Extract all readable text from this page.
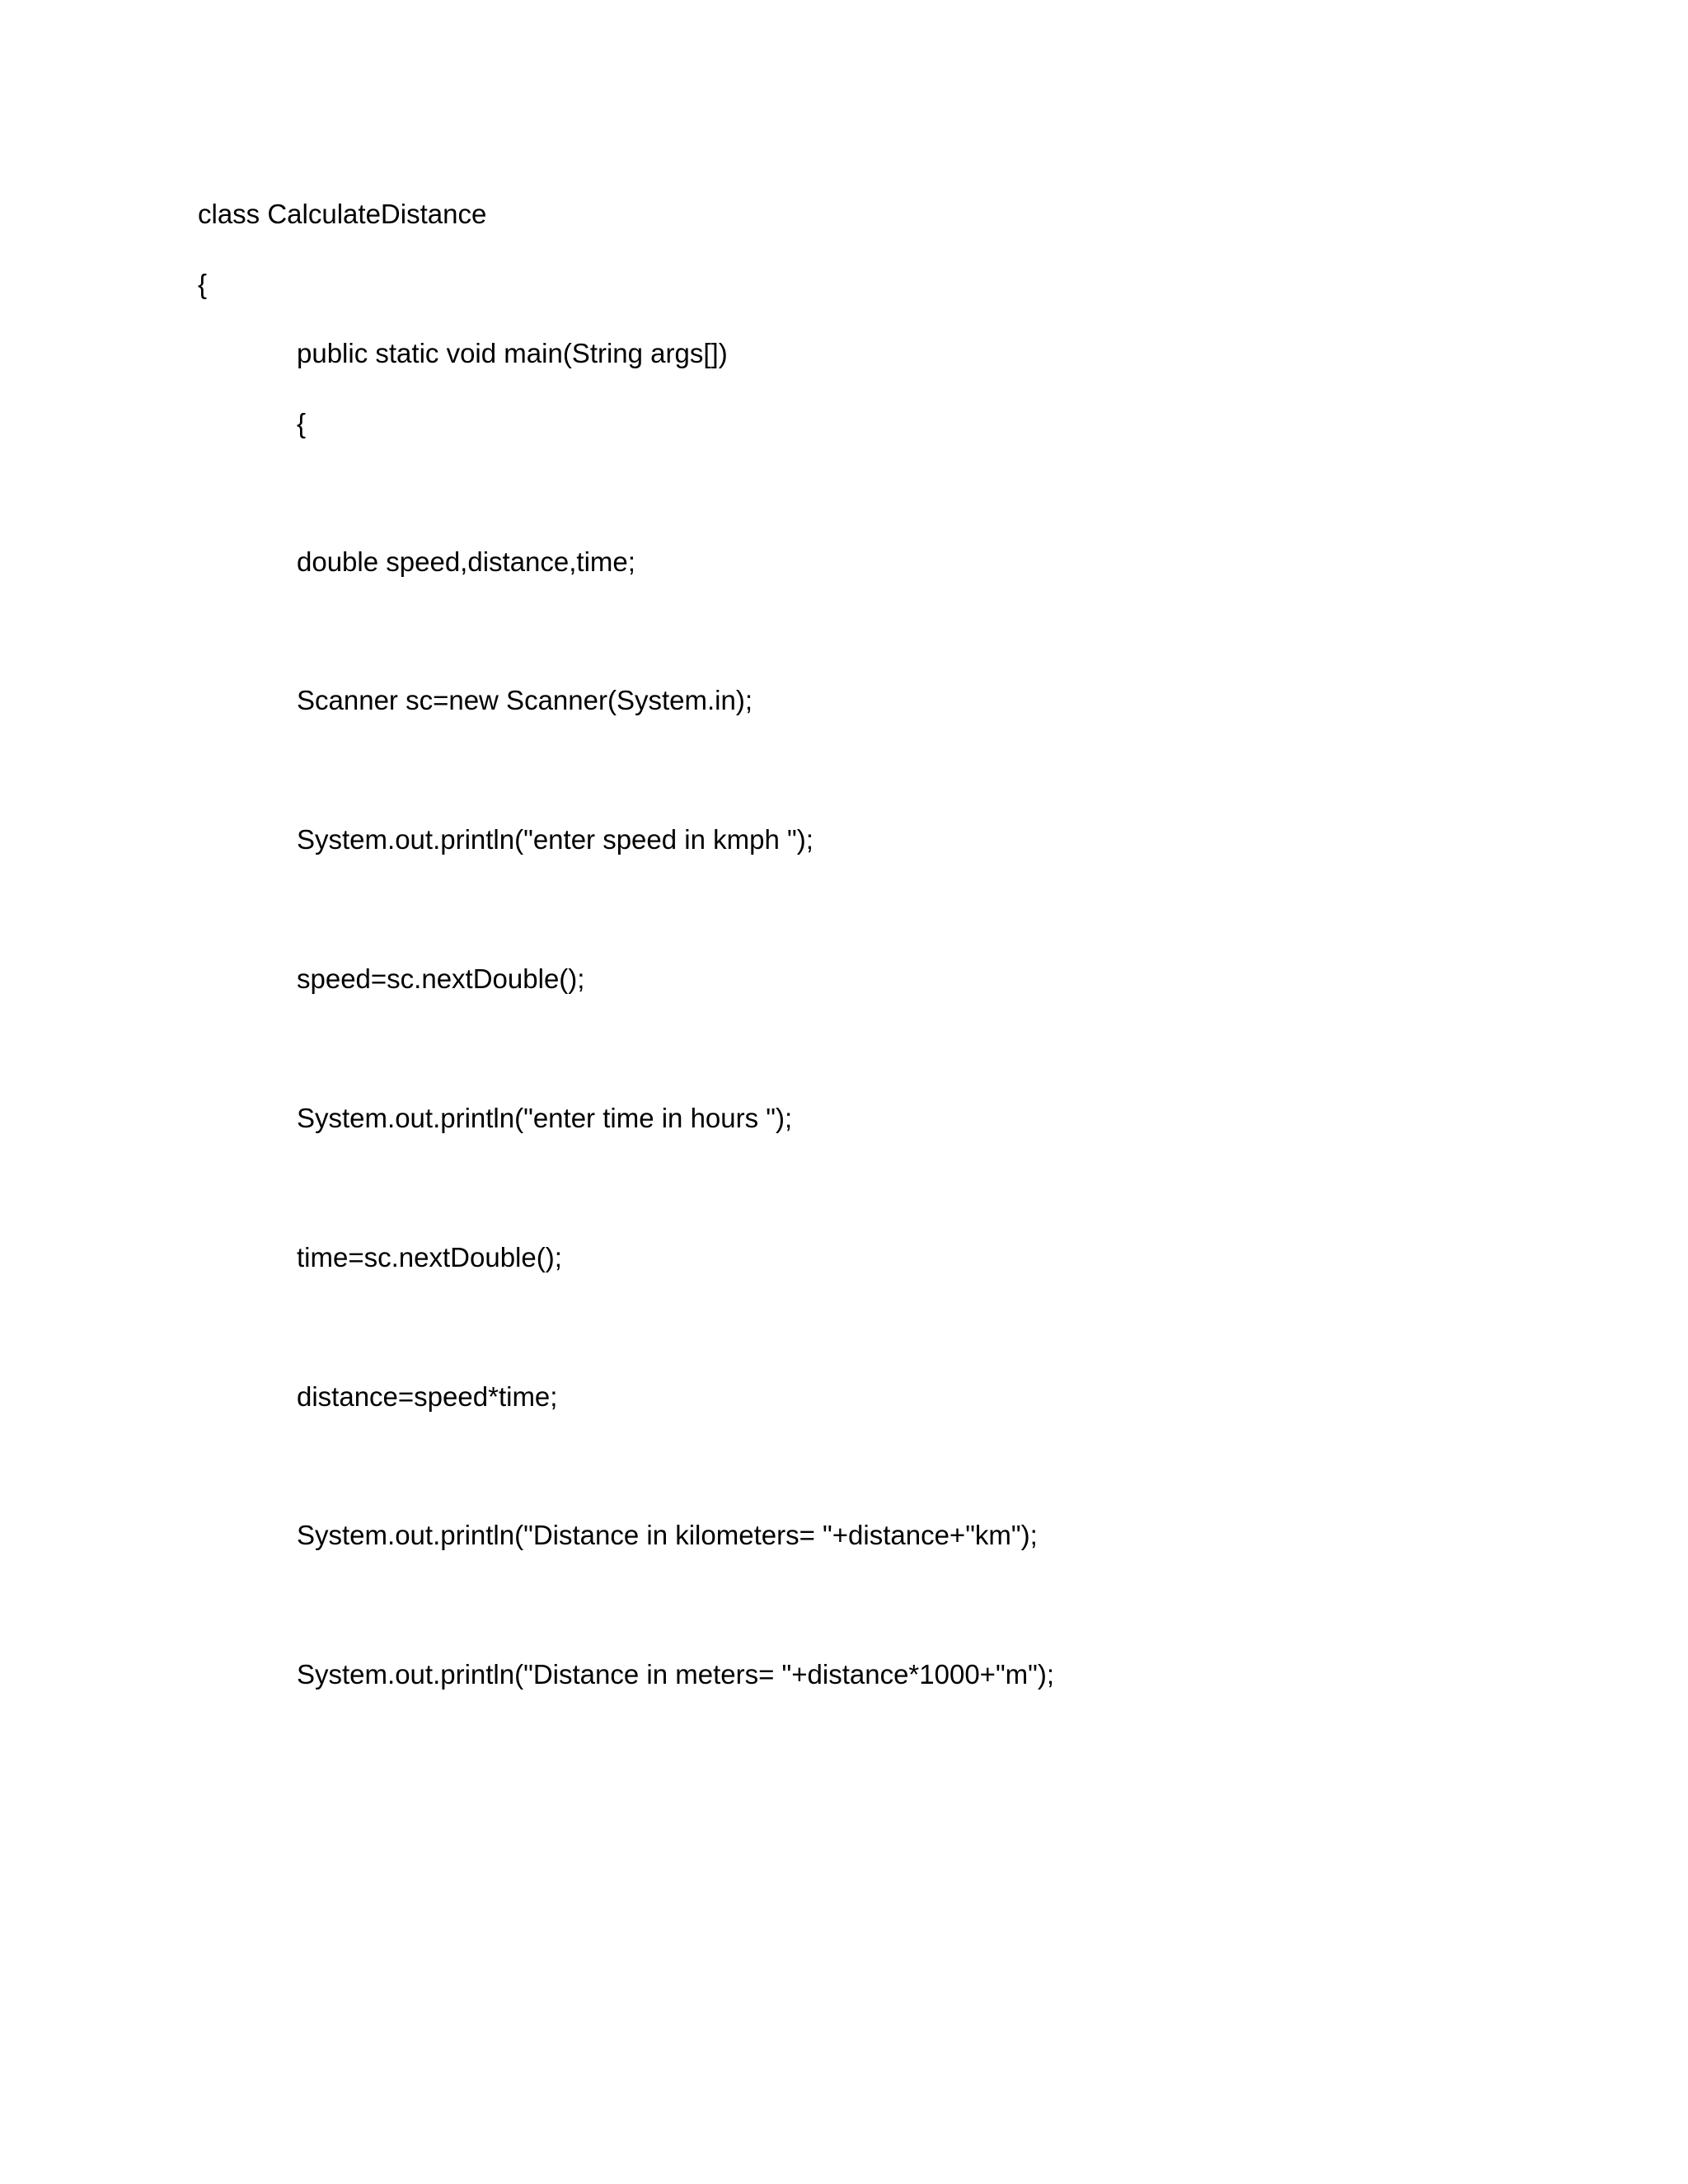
class CalculateDistance

{

public static void main(String args[])

{

double speed,distance,time;

Scanner sc=new Scanner(System.in);

System.out.println("enter speed in kmph ");

speed=sc.nextDouble();

System.out.println("enter time in hours ");

time=sc.nextDouble();

distance=speed*time;

System.out.println("Distance in kilometers= "+distance+"km");

System.out.println("Distance in meters= "+distance*1000+"m");
